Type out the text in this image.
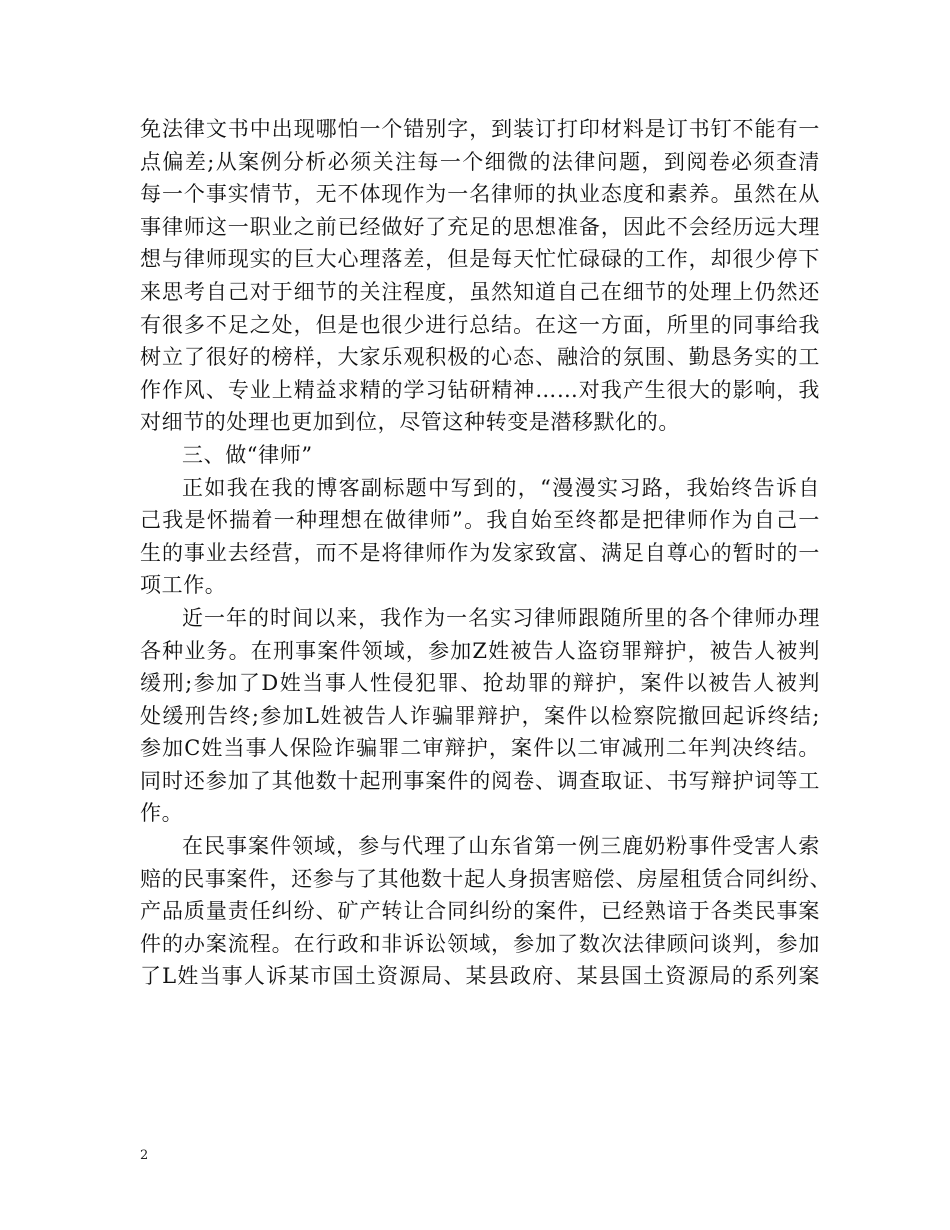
免法律文书中出现哪怕一个错别字，到装订打印材料是订书钉不能有一
点偏差;从案例分析必须关注每一个细微的法律问题，到阅卷必须查清
每一个事实情节，无不体现作为一名律师的执业态度和素养。虽然在从
事律师这一职业之前已经做好了充足的思想准备，因此不会经历远大理
想与律师现实的巨大心理落差，但是每天忙忙碌碌的工作，却很少停下
来思考自己对于细节的关注程度，虽然知道自己在细节的处理上仍然还
有很多不足之处，但是也很少进行总结。在这一方面，所里的同事给我
树立了很好的榜样，大家乐观积极的心态、融洽的氛围、勤恳务实的工
作作风、专业上精益求精的学习钻研精神……对我产生很大的影响，我
对细节的处理也更加到位，尽管这种转变是潜移默化的。
三、做“律师”
正如我在我的博客副标题中写到的，“漫漫实习路，我始终告诉自
己我是怀揣着一种理想在做律师”。我自始至终都是把律师作为自己一
生的事业去经营，而不是将律师作为发家致富、满足自尊心的暂时的一
项工作。
近一年的时间以来，我作为一名实习律师跟随所里的各个律师办理
各种业务。在刑事案件领域，参加Z姓被告人盗窃罪辩护，被告人被判
缓刑;参加了D姓当事人性侵犯罪、抢劫罪的辩护，案件以被告人被判
处缓刑告终;参加L姓被告人诈骗罪辩护，案件以检察院撤回起诉终结;
参加C姓当事人保险诈骗罪二审辩护，案件以二审减刑二年判决终结。
同时还参加了其他数十起刑事案件的阅卷、调查取证、书写辩护词等工
作。
在民事案件领域，参与代理了山东省第一例三鹿奶粉事件受害人索
赔的民事案件，还参与了其他数十起人身损害赔偿、房屋租赁合同纠纷、
产品质量责任纠纷、矿产转让合同纠纷的案件，已经熟谙于各类民事案
件的办案流程。在行政和非诉讼领域，参加了数次法律顾问谈判，参加
了L姓当事人诉某市国土资源局、某县政府、某县国土资源局的系列案
2
